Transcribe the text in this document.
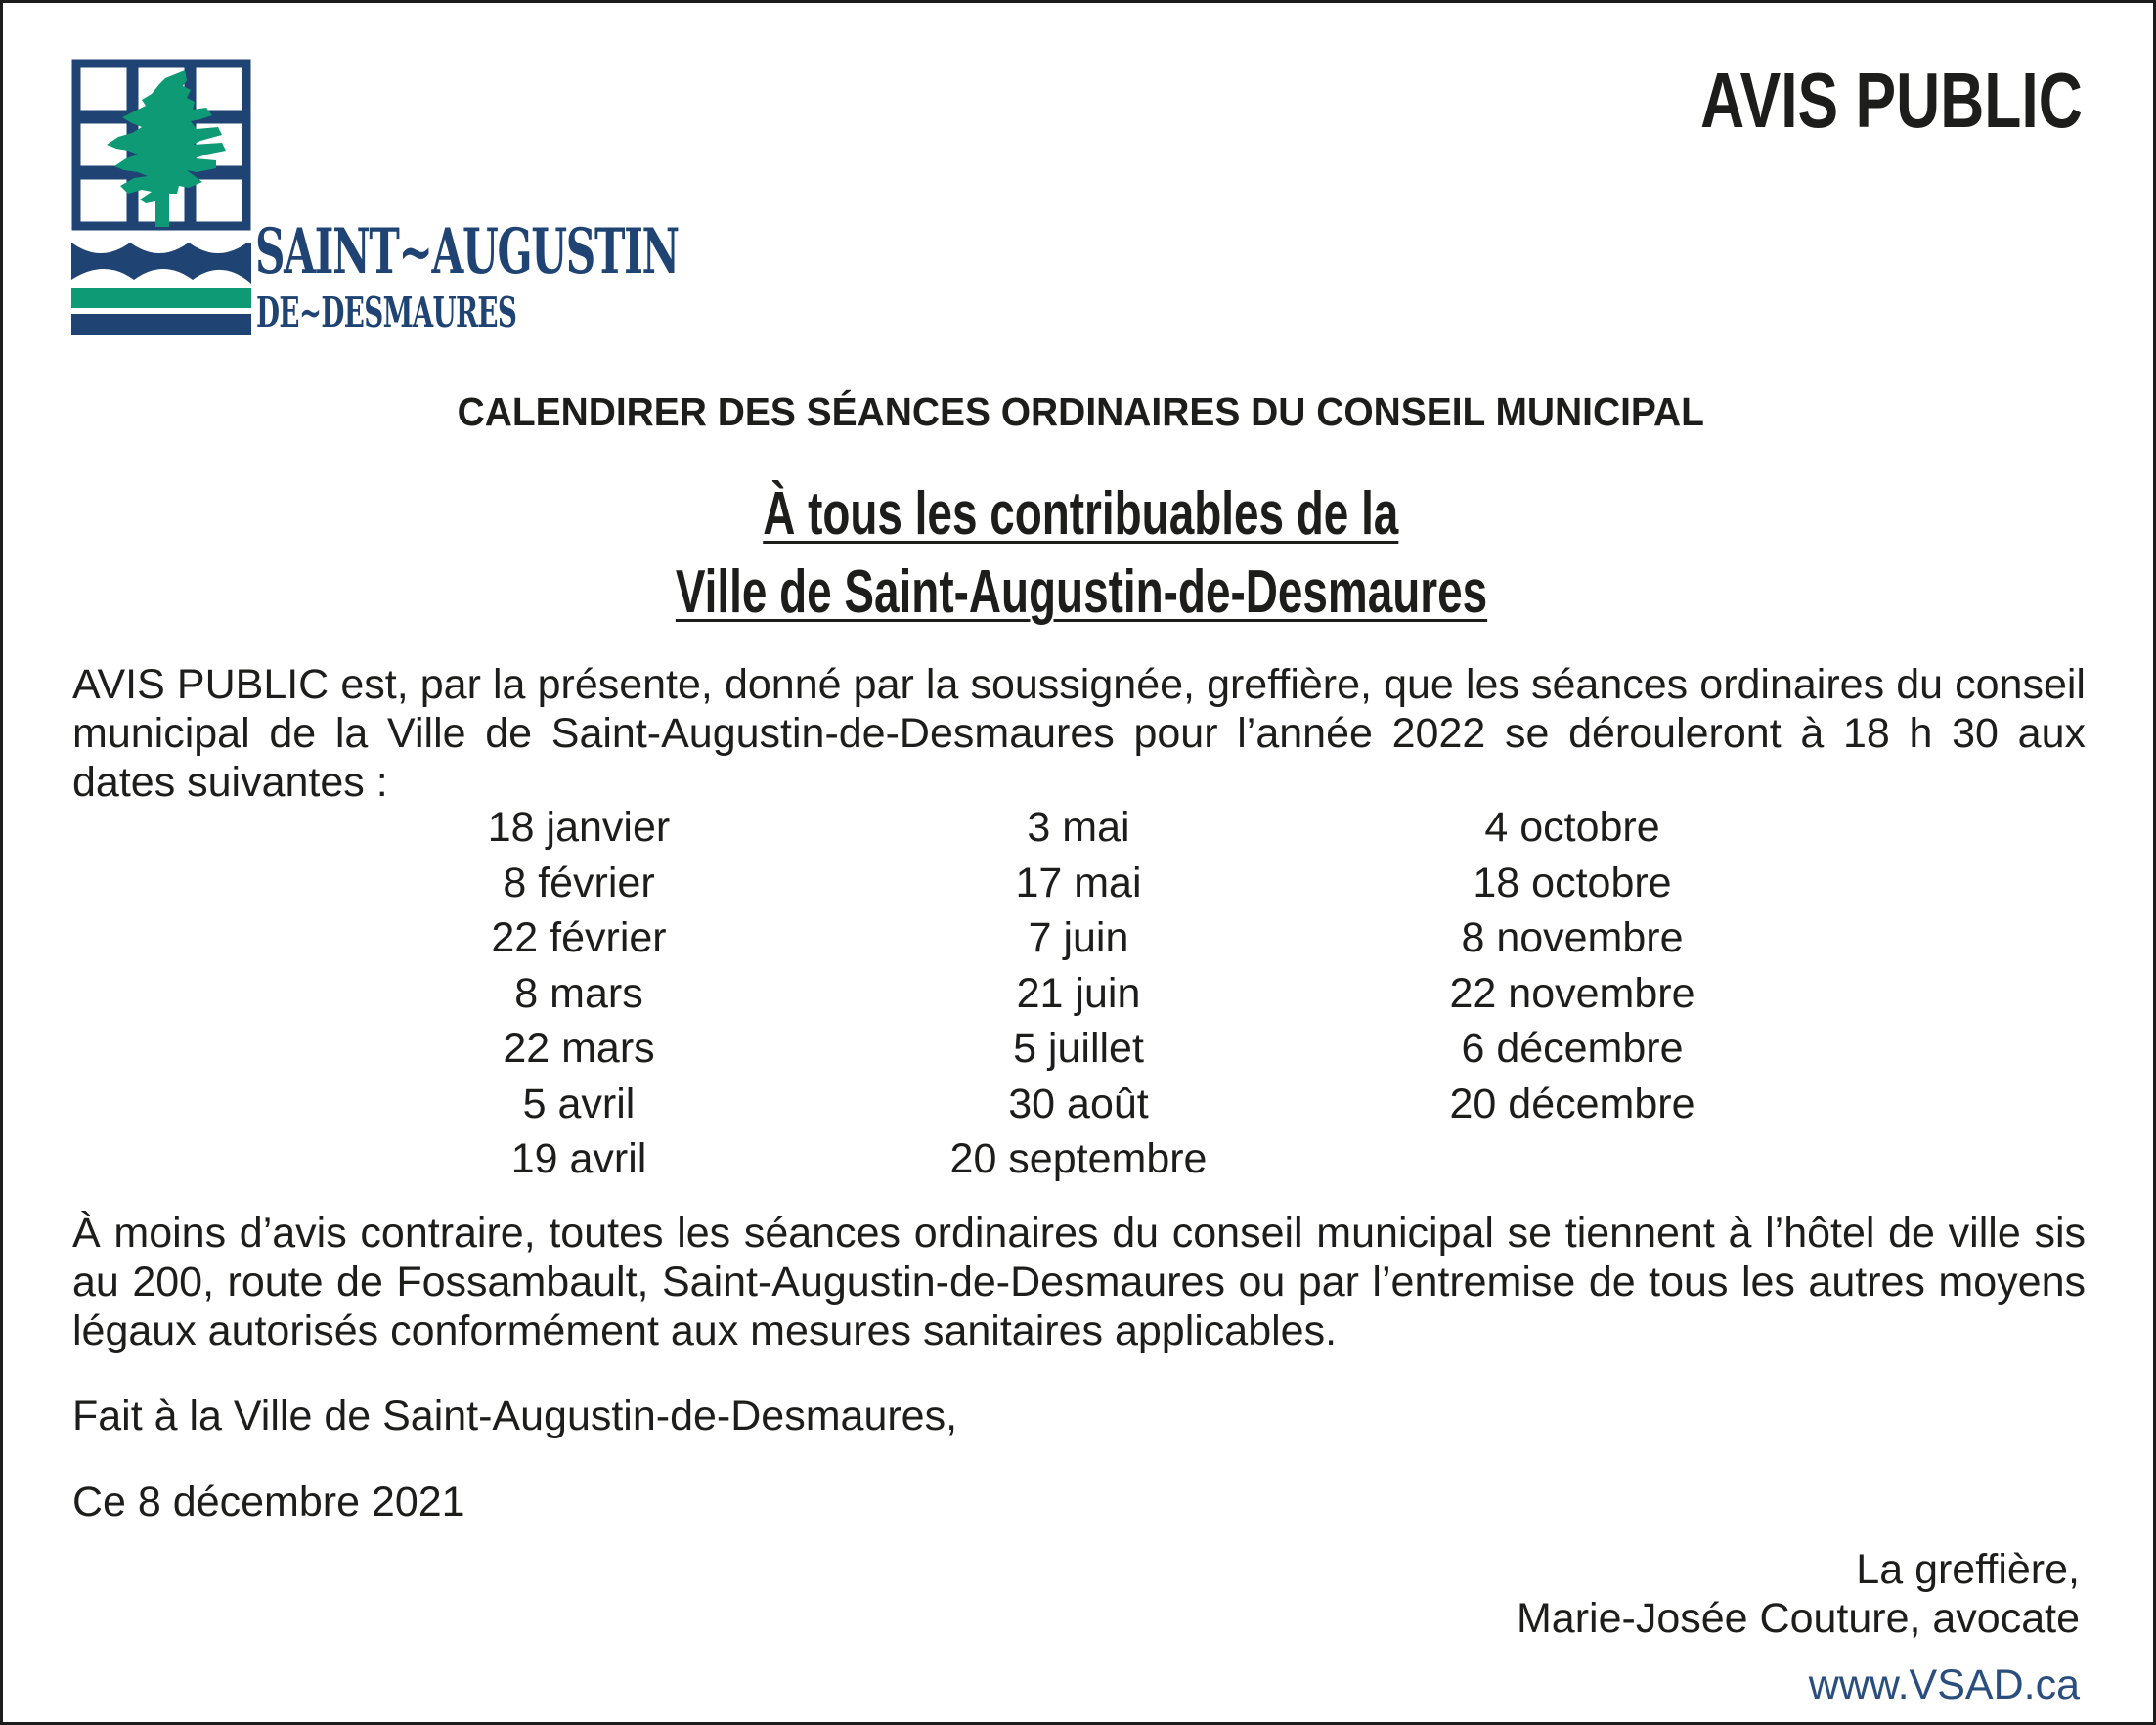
SAINT~AUGUSTIN
DE~DESMAURES
AVIS PUBLIC
CALENDIRER DES SÉANCES ORDINAIRES DU CONSEIL MUNICIPAL
À tous les contribuables de la
Ville de Saint-Augustin-de-Desmaures
AVIS PUBLIC est, par la présente, donné par la soussignée, greffière, que les séances ordinaires du conseil
municipal de la Ville de Saint-Augustin-de-Desmaures pour l’année 2022 se dérouleront à 18 h 30 aux
dates suivantes :
18 janvier
8 février
22 février
8 mars
22 mars
5 avril
19 avril
3 mai
17 mai
7 juin
21 juin
5 juillet
30 août
20 septembre
4 octobre
18 octobre
8 novembre
22 novembre
6 décembre
20 décembre
À moins d’avis contraire, toutes les séances ordinaires du conseil municipal se tiennent à l’hôtel de ville sis
au 200, route de Fossambault, Saint-Augustin-de-Desmaures ou par l’entremise de tous les autres moyens
légaux autorisés conformément aux mesures sanitaires applicables.
Fait à la Ville de Saint-Augustin-de-Desmaures,
Ce 8 décembre 2021
La greffière,
Marie-Josée Couture, avocate
www.VSAD.ca
